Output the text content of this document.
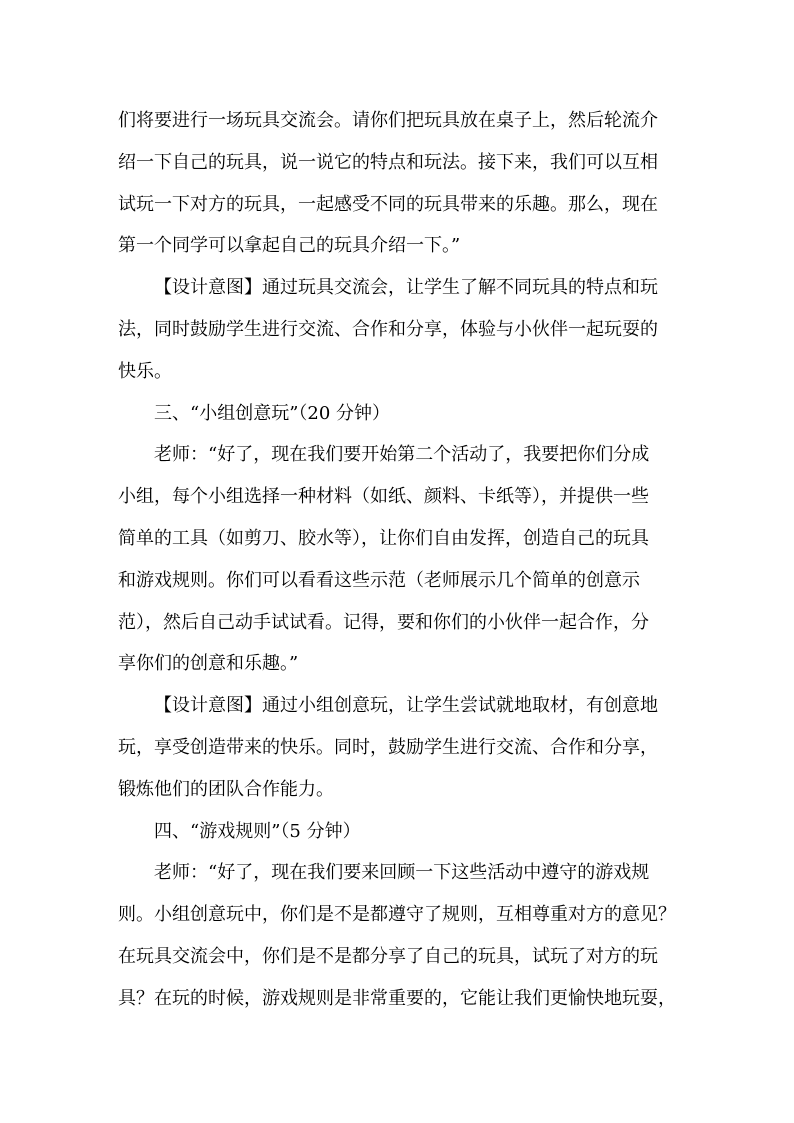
们将要进行一场玩具交流会。请你们把玩具放在桌子上，然后轮流介
绍一下自己的玩具，说一说它的特点和玩法。接下来，我们可以互相
试玩一下对方的玩具，一起感受不同的玩具带来的乐趣。那么，现在
第一个同学可以拿起自己的玩具介绍一下。”
【设计意图】通过玩具交流会，让学生了解不同玩具的特点和玩
法，同时鼓励学生进行交流、合作和分享，体验与小伙伴一起玩耍的
快乐。
三、“小组创意玩”（20 分钟）
老师：“好了，现在我们要开始第二个活动了，我要把你们分成
小组，每个小组选择一种材料（如纸、颜料、卡纸等），并提供一些
简单的工具（如剪刀、胶水等），让你们自由发挥，创造自己的玩具
和游戏规则。你们可以看看这些示范（老师展示几个简单的创意示
范），然后自己动手试试看。记得，要和你们的小伙伴一起合作，分
享你们的创意和乐趣。”
【设计意图】通过小组创意玩，让学生尝试就地取材，有创意地
玩，享受创造带来的快乐。同时，鼓励学生进行交流、合作和分享，
锻炼他们的团队合作能力。
四、“游戏规则”（5 分钟）
老师：“好了，现在我们要来回顾一下这些活动中遵守的游戏规
则。小组创意玩中，你们是不是都遵守了规则，互相尊重对方的意见？
在玩具交流会中，你们是不是都分享了自己的玩具，试玩了对方的玩
具？在玩的时候，游戏规则是非常重要的，它能让我们更愉快地玩耍，
